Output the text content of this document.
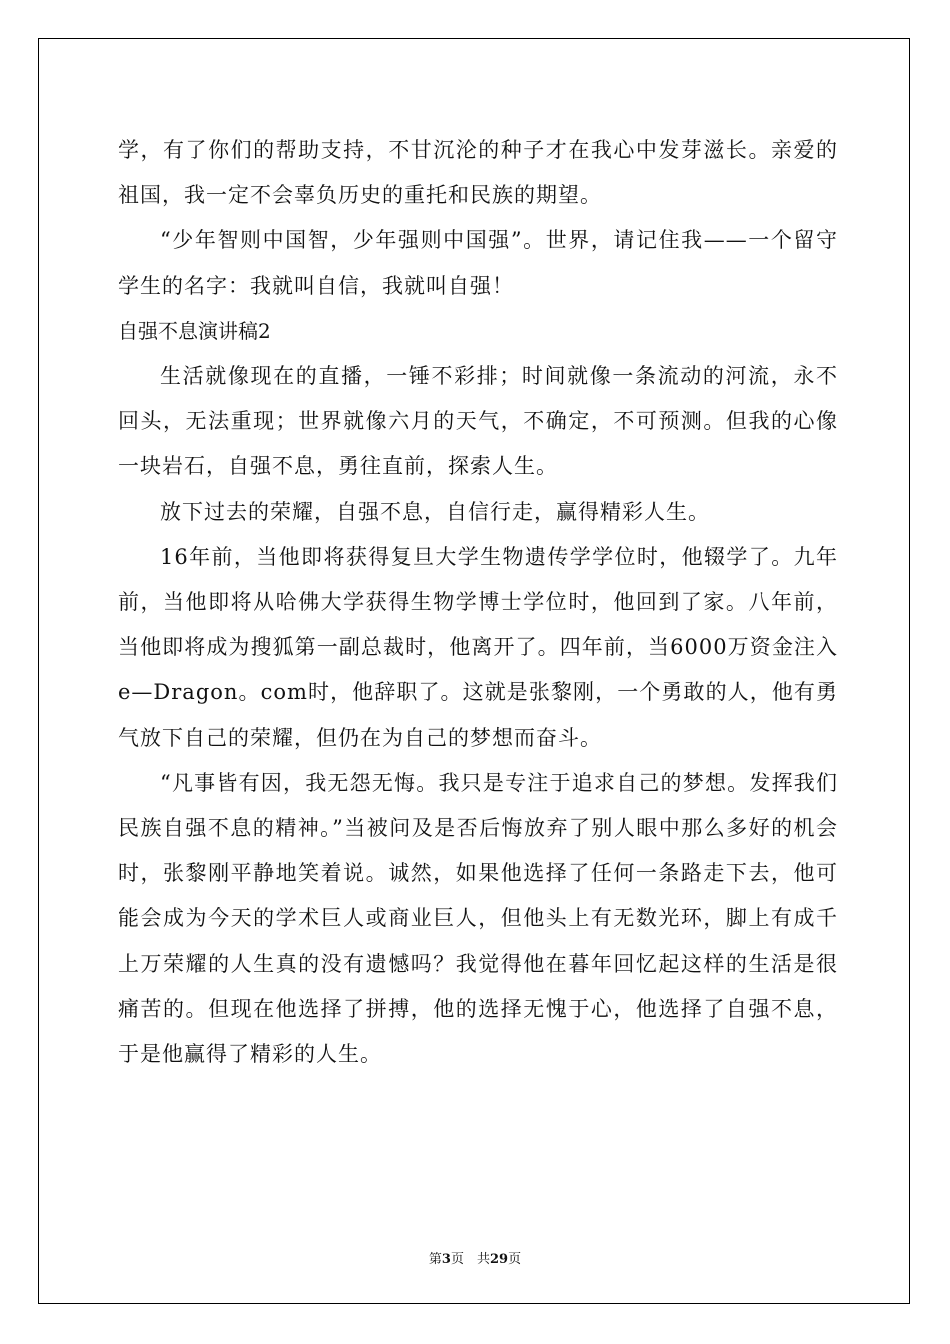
学，有了你们的帮助支持，不甘沉沦的种子才在我心中发芽滋长。亲爱的祖国，我一定不会辜负历史的重托和民族的期望。

“少年智则中国智，少年强则中国强”。世界，请记住我——一个留守学生的名字：我就叫自信，我就叫自强！

自强不息演讲稿2

生活就像现在的直播，一锤不彩排；时间就像一条流动的河流，永不回头，无法重现；世界就像六月的天气，不确定，不可预测。但我的心像一块岩石，自强不息，勇往直前，探索人生。

放下过去的荣耀，自强不息，自信行走，赢得精彩人生。

16年前，当他即将获得复旦大学生物遗传学学位时，他辍学了。九年前，当他即将从哈佛大学获得生物学博士学位时，他回到了家。八年前，当他即将成为搜狐第一副总裁时，他离开了。四年前，当6000万资金注入e—Dragon。com时，他辞职了。这就是张黎刚，一个勇敢的人，他有勇气放下自己的荣耀，但仍在为自己的梦想而奋斗。

“凡事皆有因，我无怨无悔。我只是专注于追求自己的梦想。发挥我们民族自强不息的精神。”当被问及是否后悔放弃了别人眼中那么多好的机会时，张黎刚平静地笑着说。诚然，如果他选择了任何一条路走下去，他可能会成为今天的学术巨人或商业巨人，但他头上有无数光环，脚上有成千上万荣耀的人生真的没有遗憾吗？我觉得他在暮年回忆起这样的生活是很痛苦的。但现在他选择了拼搏，他的选择无愧于心，他选择了自强不息，于是他赢得了精彩的人生。

第3页　共29页
